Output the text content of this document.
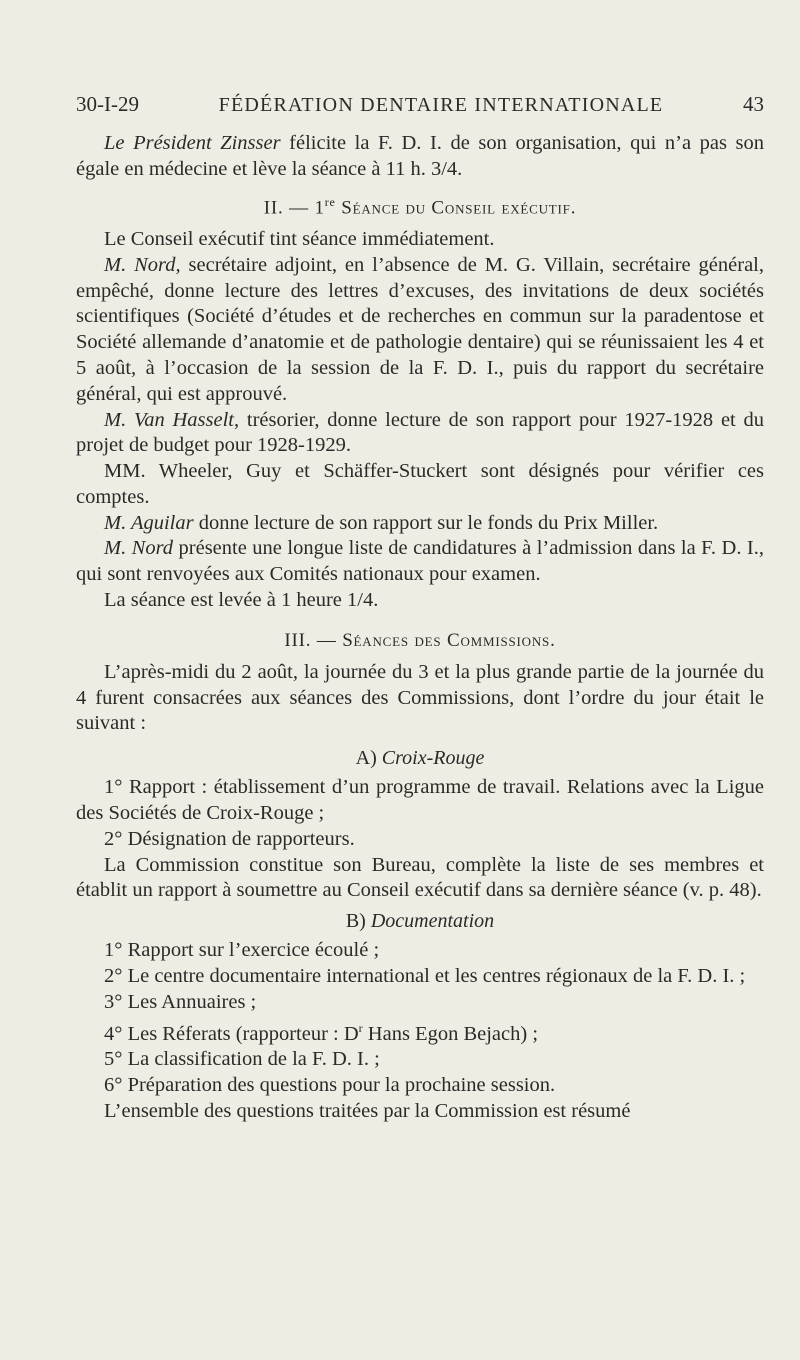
30-I-29	FÉDÉRATION DENTAIRE INTERNATIONALE	43

Le Président Zinsser félicite la F. D. I. de son organisation, qui n’a pas son égale en médecine et lève la séance à 11 h. 3/4.

II. — 1re Séance du Conseil exécutif.

Le Conseil exécutif tint séance immédiatement.

M. Nord, secrétaire adjoint, en l’absence de M. G. Villain, secrétaire général, empêché, donne lecture des lettres d’excuses, des invitations de deux sociétés scientifiques (Société d’études et de recherches en commun sur la paradentose et Société allemande d’anatomie et de pathologie dentaire) qui se réunissaient les 4 et 5 août, à l’occasion de la session de la F. D. I., puis du rapport du secrétaire général, qui est approuvé.

M. Van Hasselt, trésorier, donne lecture de son rapport pour 1927-1928 et du projet de budget pour 1928-1929.

MM. Wheeler, Guy et Schäffer-Stuckert sont désignés pour vérifier ces comptes.

M. Aguilar donne lecture de son rapport sur le fonds du Prix Miller.

M. Nord présente une longue liste de candidatures à l’admission dans la F. D. I., qui sont renvoyées aux Comités nationaux pour examen.

La séance est levée à 1 heure 1/4.

III. — Séances des Commissions.

L’après-midi du 2 août, la journée du 3 et la plus grande partie de la journée du 4 furent consacrées aux séances des Commissions, dont l’ordre du jour était le suivant :

A) Croix-Rouge

1° Rapport : établissement d’un programme de travail. Relations avec la Ligue des Sociétés de Croix-Rouge ;

2° Désignation de rapporteurs.

La Commission constitue son Bureau, complète la liste de ses membres et établit un rapport à soumettre au Conseil exécutif dans sa dernière séance (v. p. 48).

B) Documentation

1° Rapport sur l’exercice écoulé ;

2° Le centre documentaire international et les centres régionaux de la F. D. I. ;

3° Les Annuaires ;

4° Les Réferats (rapporteur : $D^r$ Hans Egon Bejach) ;

5° La classification de la F. D. I. ;

6° Préparation des questions pour la prochaine session.

L’ensemble des questions traitées par la Commission est résumé
